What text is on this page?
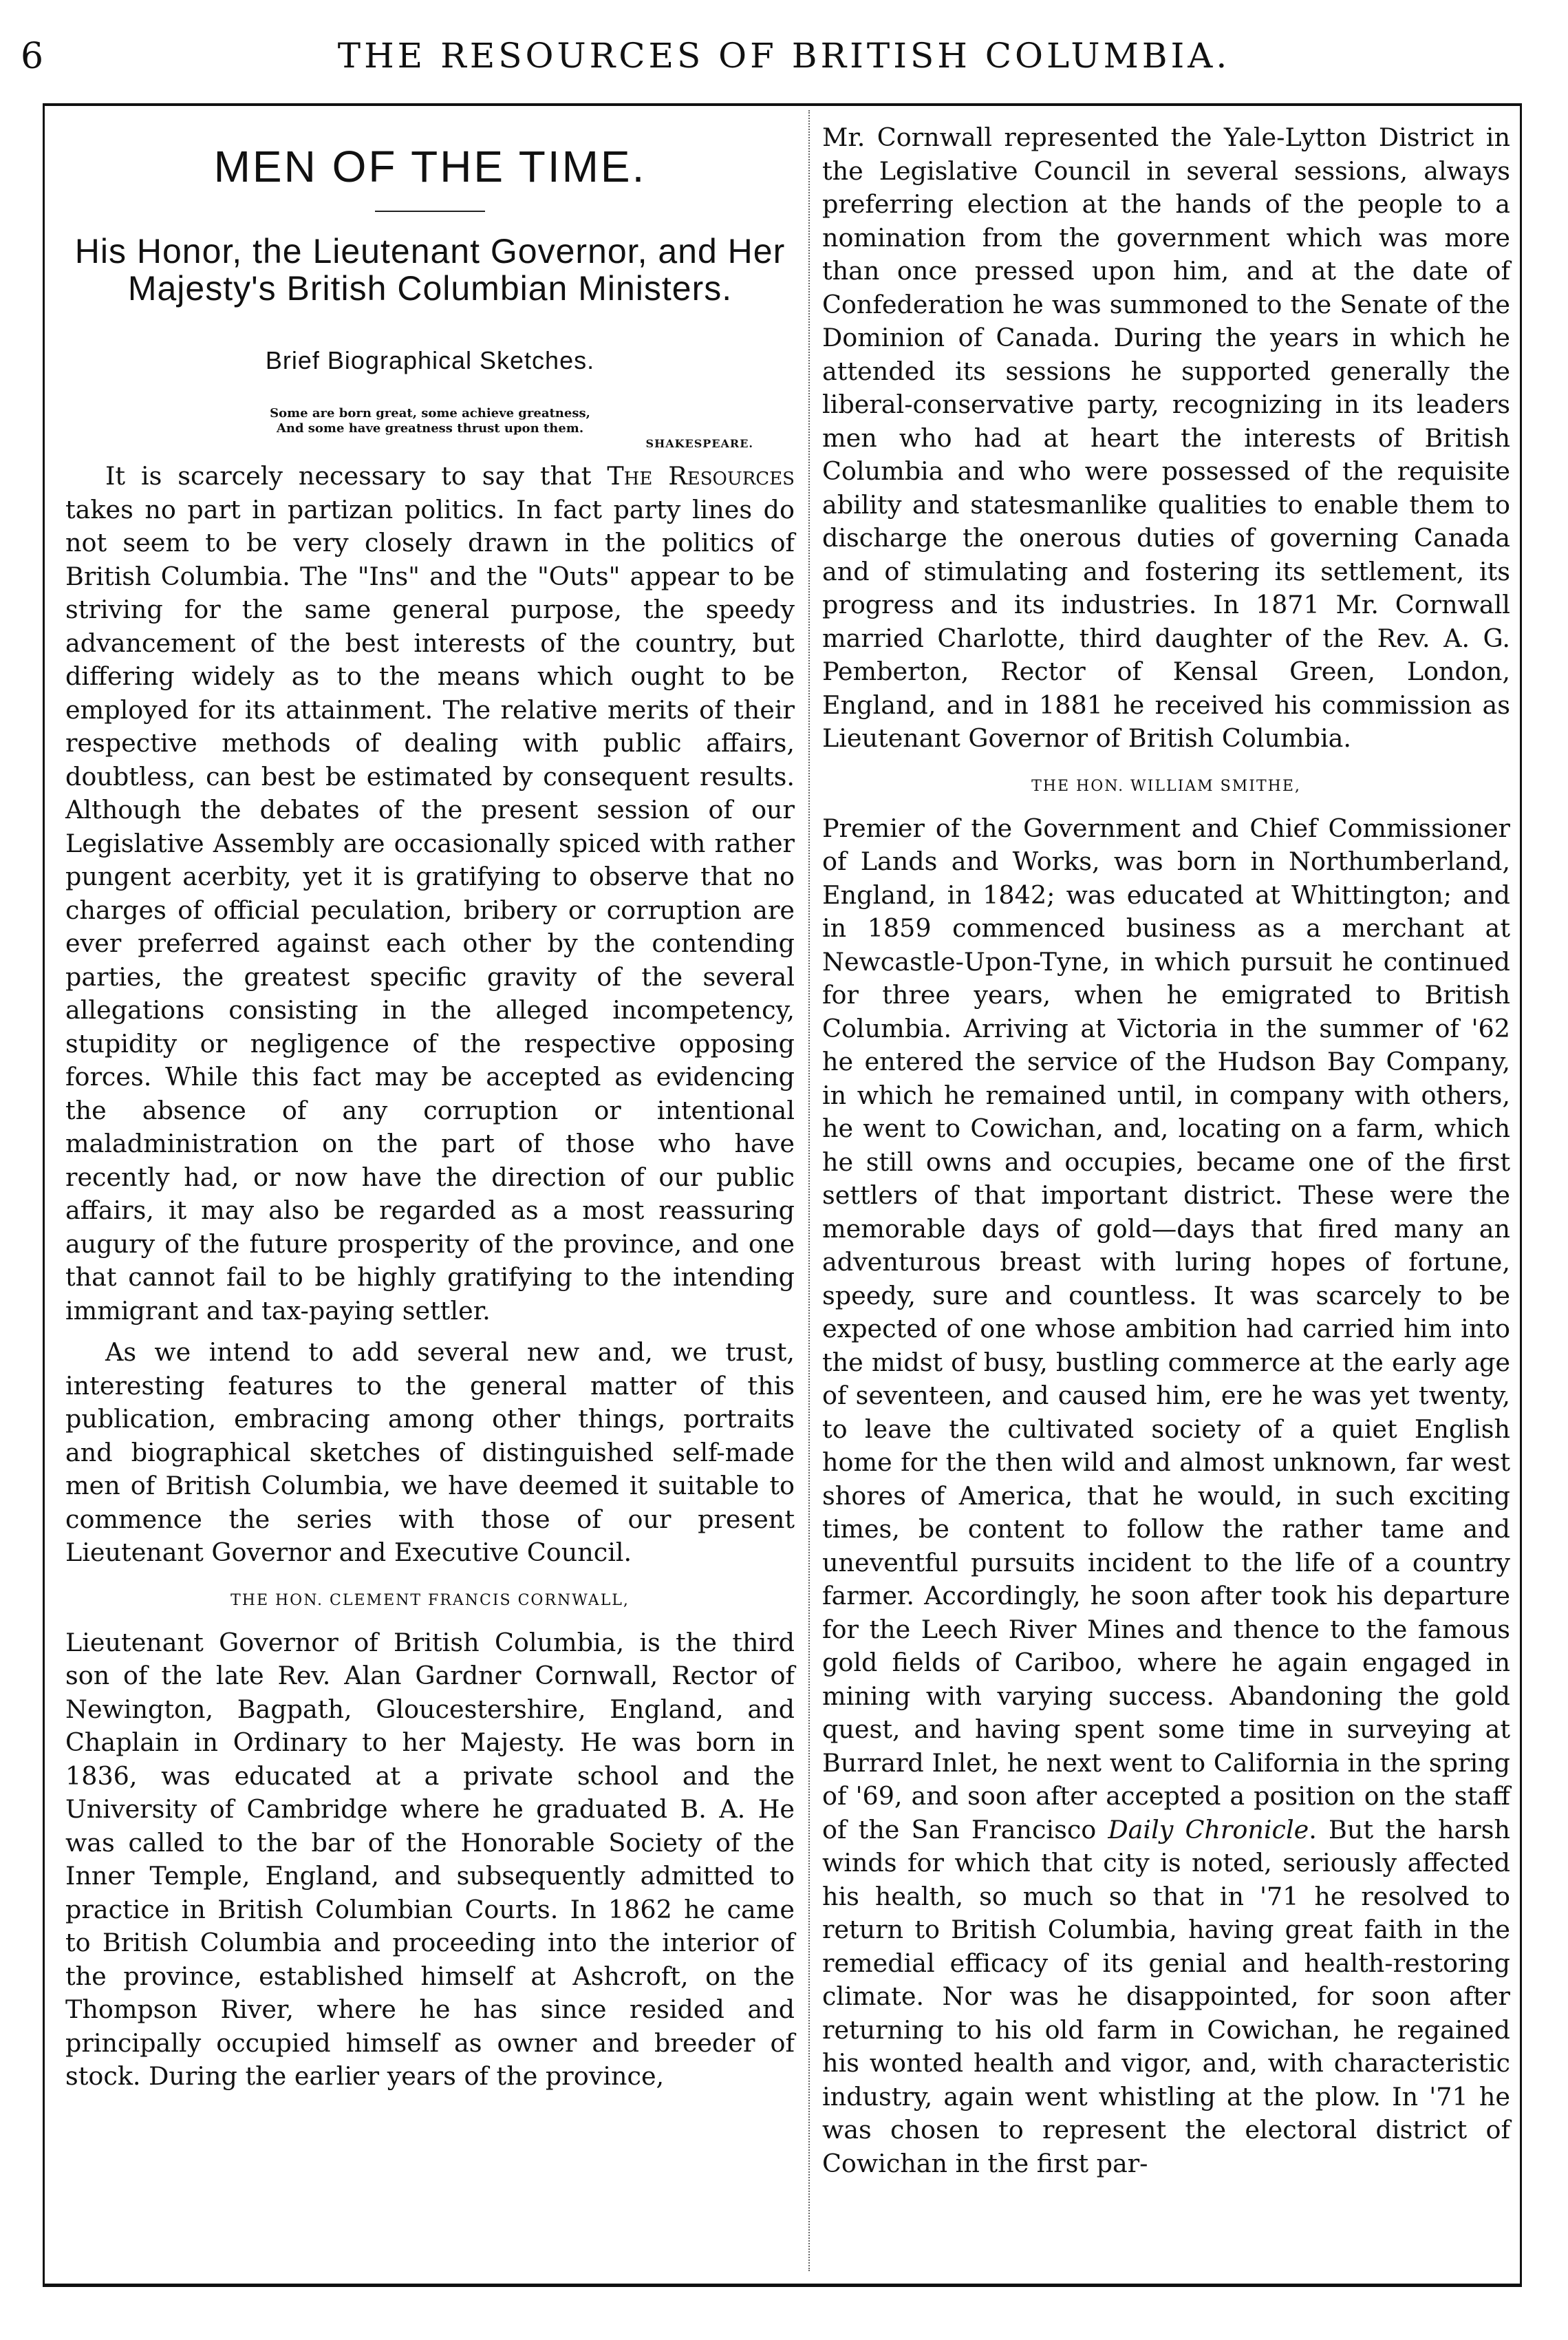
6	THE RESOURCES OF BRITISH COLUMBIA.
MEN OF THE TIME.
His Honor, the Lieutenant Governor, and Her Majesty's British Columbian Ministers.
Brief Biographical Sketches.
Some are born great, some achieve greatness,
And some have greatness thrust upon them.
SHAKESPEARE.

It is scarcely necessary to say that The Resources takes no part in partizan politics. In fact party lines do not seem to be very closely drawn in the politics of British Columbia. The "Ins" and the "Outs" appear to be striving for the same general purpose, the speedy advancement of the best interests of the country, but differing widely as to the means which ought to be employed for its attainment. The relative merits of their respective methods of dealing with public affairs, doubtless, can best be estimated by consequent results. Although the debates of the present session of our Legislative Assembly are occasionally spiced with rather pungent acerbity, yet it is gratifying to observe that no charges of official peculation, bribery or corruption are ever preferred against each other by the contending parties, the greatest specific gravity of the several allegations consisting in the alleged incompetency, stupidity or negligence of the respective opposing forces. While this fact may be accepted as evidencing the absence of any corruption or intentional maladministration on the part of those who have recently had, or now have the direction of our public affairs, it may also be regarded as a most reassuring augury of the future prosperity of the province, and one that cannot fail to be highly gratifying to the intending immigrant and tax-paying settler.

As we intend to add several new and, we trust, interesting features to the general matter of this publication, embracing among other things, portraits and biographical sketches of distinguished self-made men of British Columbia, we have deemed it suitable to commence the series with those of our present Lieutenant Governor and Executive Council.

THE HON. CLEMENT FRANCIS CORNWALL,

Lieutenant Governor of British Columbia, is the third son of the late Rev. Alan Gardner Cornwall, Rector of Newington, Bagpath, Gloucestershire, England, and Chaplain in Ordinary to her Majesty. He was born in 1836, was educated at a private school and the University of Cambridge where he graduated B. A. He was called to the bar of the Honorable Society of the Inner Temple, England, and subsequently admitted to practice in British Columbian Courts. In 1862 he came to British Columbia and proceeding into the interior of the province, established himself at Ashcroft, on the Thompson River, where he has since resided and principally occupied himself as owner and breeder of stock. During the earlier years of the province,

Mr. Cornwall represented the Yale-Lytton District in the Legislative Council in several sessions, always preferring election at the hands of the people to a nomination from the government which was more than once pressed upon him, and at the date of Confederation he was summoned to the Senate of the Dominion of Canada. During the years in which he attended its sessions he supported generally the liberal-conservative party, recognizing in its leaders men who had at heart the interests of British Columbia and who were possessed of the requisite ability and statesmanlike qualities to enable them to discharge the onerous duties of governing Canada and of stimulating and fostering its settlement, its progress and its industries. In 1871 Mr. Cornwall married Charlotte, third daughter of the Rev. A. G. Pemberton, Rector of Kensal Green, London, England, and in 1881 he received his commission as Lieutenant Governor of British Columbia.

THE HON. WILLIAM SMITHE,

Premier of the Government and Chief Commissioner of Lands and Works, was born in Northumberland, England, in 1842; was educated at Whittington; and in 1859 commenced business as a merchant at Newcastle-Upon-Tyne, in which pursuit he continued for three years, when he emigrated to British Columbia. Arriving at Victoria in the summer of '62 he entered the service of the Hudson Bay Company, in which he remained until, in company with others, he went to Cowichan, and, locating on a farm, which he still owns and occupies, became one of the first settlers of that important district. These were the memorable days of gold—days that fired many an adventurous breast with luring hopes of fortune, speedy, sure and countless. It was scarcely to be expected of one whose ambition had carried him into the midst of busy, bustling commerce at the early age of seventeen, and caused him, ere he was yet twenty, to leave the cultivated society of a quiet English home for the then wild and almost unknown, far west shores of America, that he would, in such exciting times, be content to follow the rather tame and uneventful pursuits incident to the life of a country farmer. Accordingly, he soon after took his departure for the Leech River Mines and thence to the famous gold fields of Cariboo, where he again engaged in mining with varying success. Abandoning the gold quest, and having spent some time in surveying at Burrard Inlet, he next went to California in the spring of '69, and soon after accepted a position on the staff of the San Francisco Daily Chronicle. But the harsh winds for which that city is noted, seriously affected his health, so much so that in '71 he resolved to return to British Columbia, having great faith in the remedial efficacy of its genial and health-restoring climate. Nor was he disappointed, for soon after returning to his old farm in Cowichan, he regained his wonted health and vigor, and, with characteristic industry, again went whistling at the plow. In '71 he was chosen to represent the electoral district of Cowichan in the first par-
